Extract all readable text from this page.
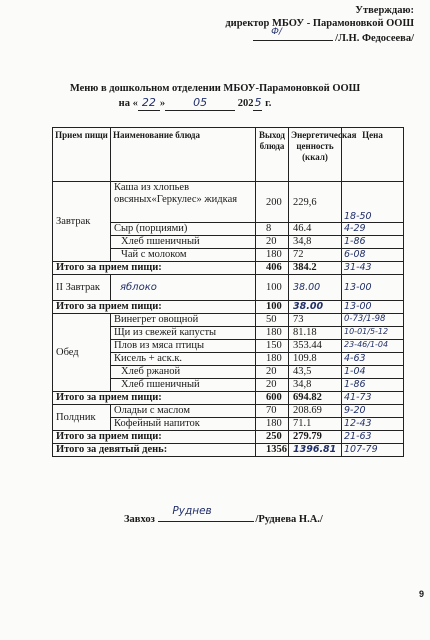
Утверждаю:
директор МБОУ - Парамоновкой ООШ
Ф/
/Л.Н. Федосеева/
Меню в дошкольном отделении МБОУ-Парамоновкой ООШ
на « 22 »	05	2025 г.
Прием пищи	Наименование блюда	Выход блюда	Энергетическая ценность (ккал)	Цена
Завтрак	Каша из хлопьев овсяных«Геркулес» жидкая	200	229,6	18-50
	Сыр (порциями)	8	46.4	4-29
	Хлеб пшеничный	20	34,8	1-86
	Чай с молоком	180	72	6-08
Итого за прием пищи:		406	384.2	31-43
II Завтрак	яблоко	100	38.00	13-00
Итого за прием пищи:		100	38.00	13-00
Обед	Винегрет овощной	50	73	0-73/1-98
	Щи из свежей капусты	180	81.18	10-01/5-12
	Плов из мяса птицы	150	353.44	23-46/1-04
	Кисель + аск.к.	180	109.8	4-63
	Хлеб ржаной	20	43,5	1-04
	Хлеб пшеничный	20	34,8	1-86
Итого за прием пищи:		600	694.82	41-73
Полдник	Оладьи с маслом	70	208.69	9-20
	Кофейный напиток	180	71.1	12-43
Итого за прием пищи:		250	279.79	21-63
Итого за девятый день:		1356	1396.81	107-79
Завхоз
Руднев
/Руднева Н.А./
9
